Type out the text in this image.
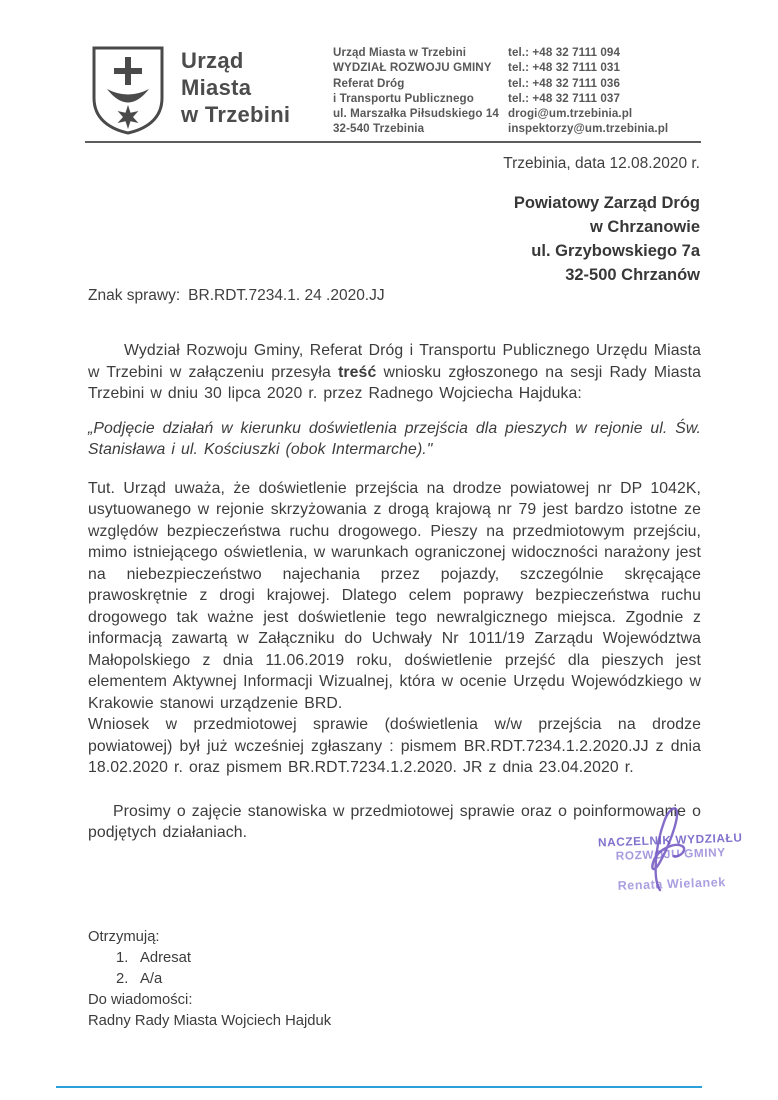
Urząd
Miasta
w Trzebini
Urząd Miasta w Trzebini
WYDZIAŁ ROZWOJU GMINY
Referat Dróg
i Transportu Publicznego
ul. Marszałka Piłsudskiego 14
32-540 Trzebinia
tel.: +48 32 7111 094
tel.: +48 32 7111 031
tel.: +48 32 7111 036
tel.: +48 32 7111 037
drogi@um.trzebinia.pl
inspektorzy@um.trzebinia.pl
Trzebinia, data 12.08.2020 r.
Powiatowy Zarząd Dróg
w Chrzanowie
ul. Grzybowskiego 7a
32-500 Chrzanów
Znak sprawy: BR.RDT.7234.1. 24 .2020.JJ

Wydział Rozwoju Gminy, Referat Dróg i Transportu Publicznego Urzędu Miasta w Trzebini w załączeniu przesyła treść wniosku zgłoszonego na sesji Rady Miasta Trzebini w dniu 30 lipca 2020 r. przez Radnego Wojciecha Hajduka:

„Podjęcie działań w kierunku doświetlenia przejścia dla pieszych w rejonie ul. Św. Stanisława i ul. Kościuszki (obok Intermarche)."

Tut. Urząd uważa, że doświetlenie przejścia na drodze powiatowej nr DP 1042K, usytuowanego w rejonie skrzyżowania z drogą krajową nr 79 jest bardzo istotne ze względów bezpieczeństwa ruchu drogowego. Pieszy na przedmiotowym przejściu, mimo istniejącego oświetlenia, w warunkach ograniczonej widoczności narażony jest na niebezpieczeństwo najechania przez pojazdy, szczególnie skręcające prawoskrętnie z drogi krajowej. Dlatego celem poprawy bezpieczeństwa ruchu drogowego tak ważne jest doświetlenie tego newralgicznego miejsca. Zgodnie z informacją zawartą w Załączniku do Uchwały Nr 1011/19 Zarządu Województwa Małopolskiego z dnia 11.06.2019 roku, doświetlenie przejść dla pieszych jest elementem Aktywnej Informacji Wizualnej, która w ocenie Urzędu Wojewódzkiego w Krakowie stanowi urządzenie BRD.

Wniosek w przedmiotowej sprawie (doświetlenia w/w przejścia na drodze powiatowej) był już wcześniej zgłaszany : pismem BR.RDT.7234.1.2.2020.JJ z dnia 18.02.2020 r. oraz pismem BR.RDT.7234.1.2.2020. JR z dnia 23.04.2020 r.

Prosimy o zajęcie stanowiska w przedmiotowej sprawie oraz o poinformowanie o podjętych działaniach.	NACZELNIK WYDZIAŁU
ROZWOJU GMINY
Renata Wielanek
Otrzymują:
1. Adresat
2. A/a
Do wiadomości:
Radny Rady Miasta Wojciech Hajduk
